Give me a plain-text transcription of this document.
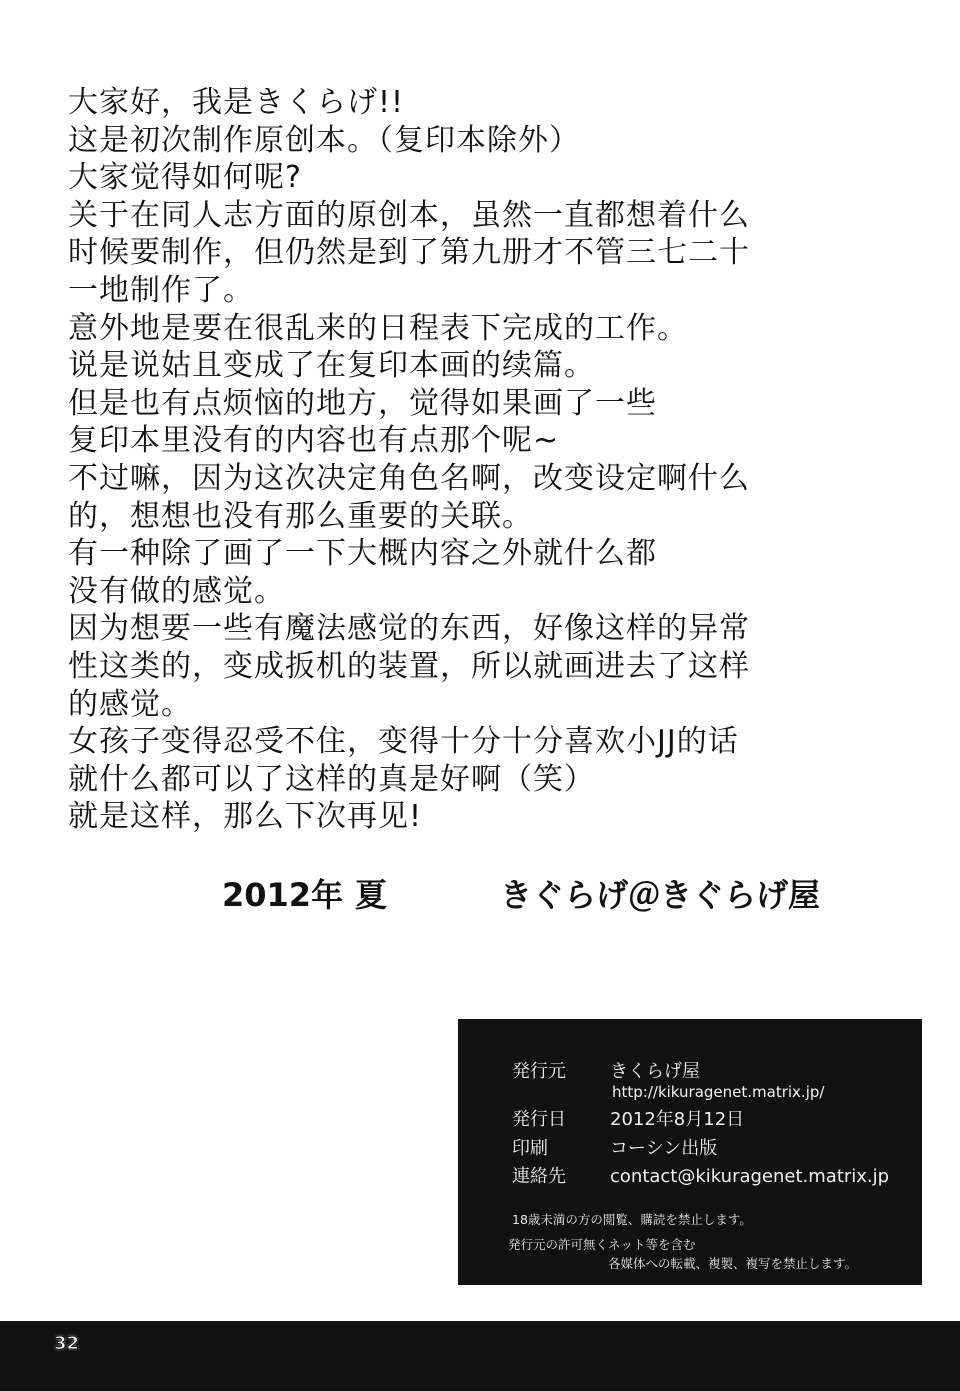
大家好，我是きくらげ!!
这是初次制作原创本。（复印本除外）
大家觉得如何呢?
关于在同人志方面的原创本，虽然一直都想着什么
时候要制作，但仍然是到了第九册才不管三七二十
一地制作了。
意外地是要在很乱来的日程表下完成的工作。
说是说姑且变成了在复印本画的续篇。
但是也有点烦恼的地方，觉得如果画了一些
复印本里没有的内容也有点那个呢~
不过嘛，因为这次决定角色名啊，改变设定啊什么
的，想想也没有那么重要的关联。
有一种除了画了一下大概内容之外就什么都
没有做的感觉。
因为想要一些有魔法感觉的东西，好像这样的异常
性这类的，变成扳机的装置，所以就画进去了这样
的感觉。
女孩子变得忍受不住，变得十分十分喜欢小JJ的话
就什么都可以了这样的真是好啊（笑）
就是这样，那么下次再见!
2012年 夏	きぐらげ＠きぐらげ屋
発行元 きくらげ屋
http://kikuragenet.matrix.jp/
発行日 2012年8月12日
印刷	コーシン出版
連絡先 contact@kikuragenet.matrix.jp
18歳未満の方の閲覧、購読を禁止します。
発行元の許可無くネット等を含む
各媒体への転載、複製、複写を禁止します。
32
